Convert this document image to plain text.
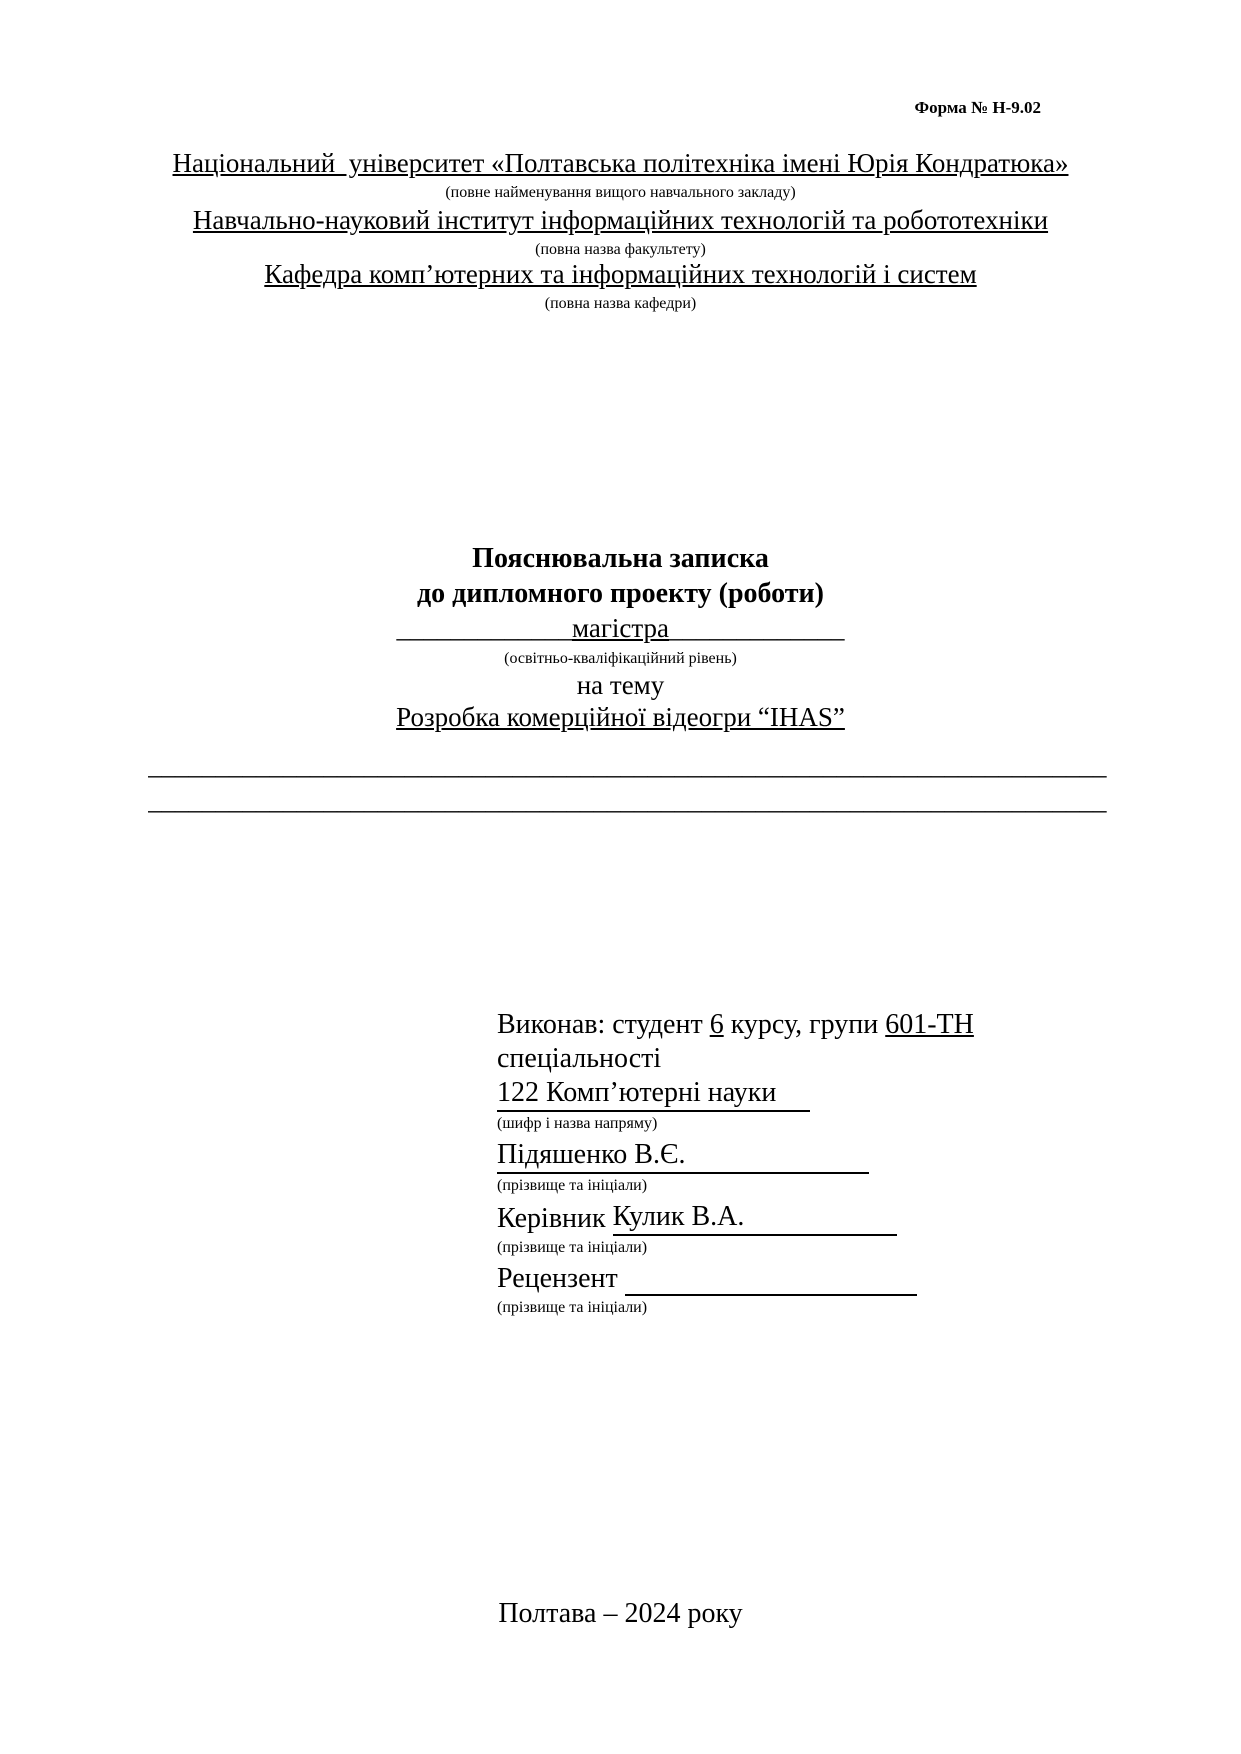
Форма № Н-9.02
Національний  університет «Полтавська політехніка імені Юрія Кондратюка»
(повне найменування вищого навчального закладу)
Навчально-науковий інститут інформаційних технологій та робототехніки
(повна назва факультету)
Кафедра комп’ютерних та інформаційних технологій і систем
(повна назва кафедри)
Пояснювальна записка
до дипломного проекту (роботи)
_____________магістра_____________
(освітньо-кваліфікаційний рівень)
на тему
Розробка комерційної відеогри “IHAS”
_______________________________________________________________________
_______________________________________________________________________
Виконав: студент 6 курсу, групи 601-ТН
спеціальності
122 Комп’ютерні науки
(шифр і назва напряму)
Підяшенко В.Є.
(прізвище та ініціали)
Керівник Кулик В.А.
(прізвище та ініціали)
Рецензент
(прізвище та ініціали)
Полтава – 2024 року
